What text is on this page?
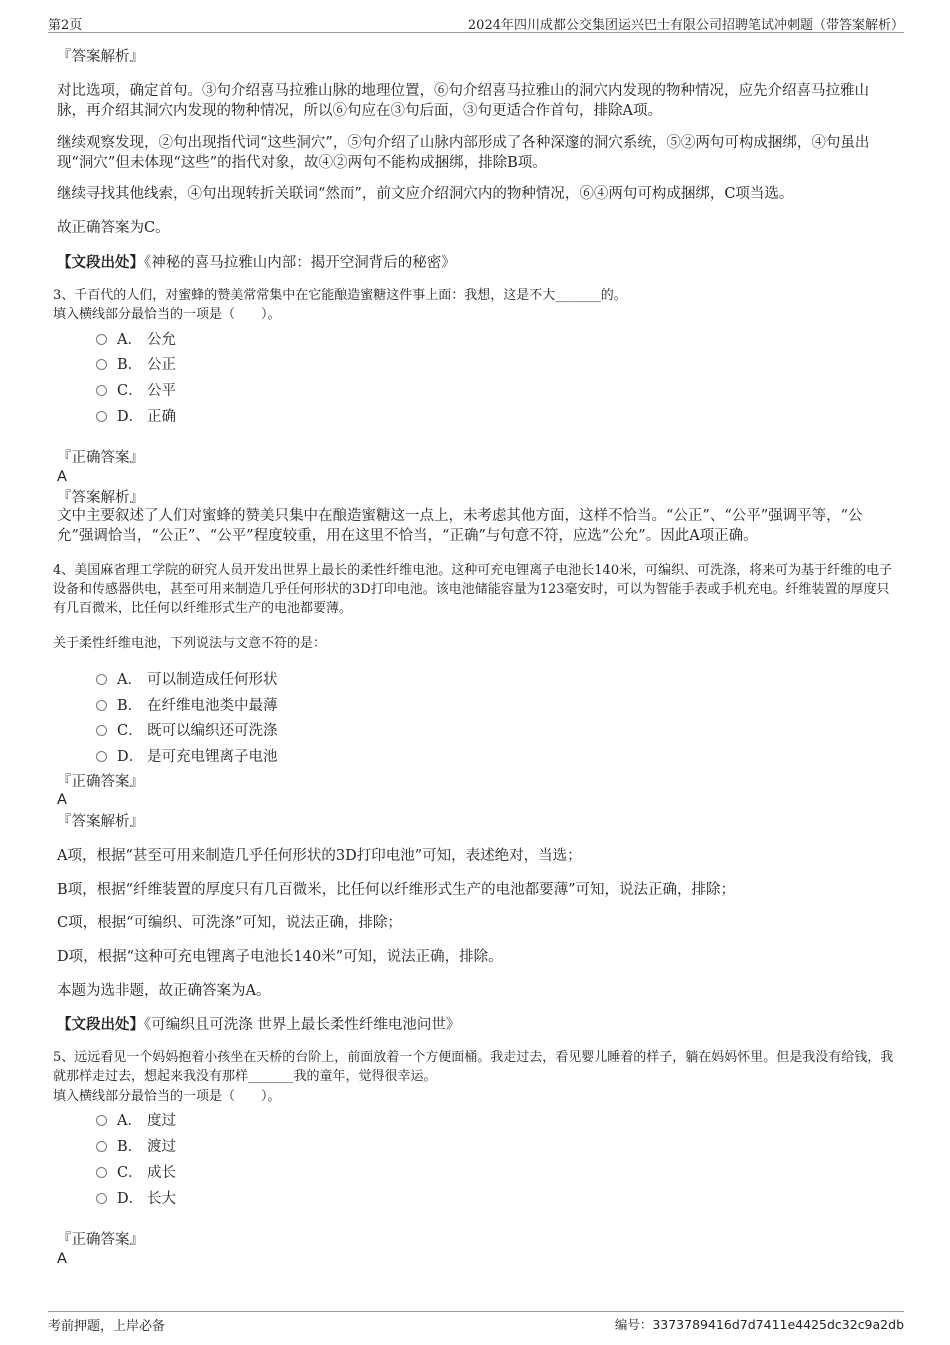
第2页	2024年四川成都公交集团运兴巴士有限公司招聘笔试冲刺题（带答案解析）
『答案解析』
对比选项，确定首句。③句介绍喜马拉雅山脉的地理位置，⑥句介绍喜马拉雅山的洞穴内发现的物种情况，应先介绍喜马拉雅山脉，再介绍其洞穴内发现的物种情况，所以⑥句应在③句后面，③句更适合作首句，排除A项。
继续观察发现，②句出现指代词“这些洞穴”，⑤句介绍了山脉内部形成了各种深邃的洞穴系统，⑤②两句可构成捆绑，④句虽出现“洞穴”但未体现“这些”的指代对象，故④②两句不能构成捆绑，排除B项。
继续寻找其他线索，④句出现转折关联词“然而”，前文应介绍洞穴内的物种情况，⑥④两句可构成捆绑，C项当选。
故正确答案为C。
【文段出处】《神秘的喜马拉雅山内部：揭开空洞背后的秘密》
3、千百代的人们，对蜜蜂的赞美常常集中在它能酿造蜜糖这件事上面：我想，这是不大_______的。
填入横线部分最恰当的一项是（　　）。
A． 公允
B． 公正
C． 公平
D． 正确
『正确答案』
A
『答案解析』
文中主要叙述了人们对蜜蜂的赞美只集中在酿造蜜糖这一点上，未考虑其他方面，这样不恰当。“公正”、“公平”强调平等，“公允”强调恰当，“公正”、“公平”程度较重，用在这里不恰当，“正确”与句意不符，应选“公允”。因此A项正确。
4、美国麻省理工学院的研究人员开发出世界上最长的柔性纤维电池。这种可充电锂离子电池长140米，可编织、可洗涤，将来可为基于纤维的电子设备和传感器供电，甚至可用来制造几乎任何形状的3D打印电池。该电池储能容量为123毫安时，可以为智能手表或手机充电。纤维装置的厚度只有几百微米，比任何以纤维形式生产的电池都要薄。
关于柔性纤维电池，下列说法与文意不符的是：
A． 可以制造成任何形状
B． 在纤维电池类中最薄
C． 既可以编织还可洗涤
D． 是可充电锂离子电池
『正确答案』
A
『答案解析』
A项，根据“甚至可用来制造几乎任何形状的3D打印电池”可知，表述绝对，当选；
B项，根据“纤维装置的厚度只有几百微米，比任何以纤维形式生产的电池都要薄”可知，说法正确，排除；
C项，根据“可编织、可洗涤”可知，说法正确，排除；
D项，根据“这种可充电锂离子电池长140米”可知，说法正确，排除。
本题为选非题，故正确答案为A。
【文段出处】《可编织且可洗涤 世界上最长柔性纤维电池问世》
5、远远看见一个妈妈抱着小孩坐在天桥的台阶上，前面放着一个方便面桶。我走过去，看见婴儿睡着的样子，躺在妈妈怀里。但是我没有给钱，我就那样走过去，想起来我没有那样_______我的童年，觉得很幸运。
填入横线部分最恰当的一项是（　　）。
A． 度过
B． 渡过
C． 成长
D． 长大
『正确答案』
A
考前押题，上岸必备	编号：3373789416d7d7411e4425dc32c9a2db
